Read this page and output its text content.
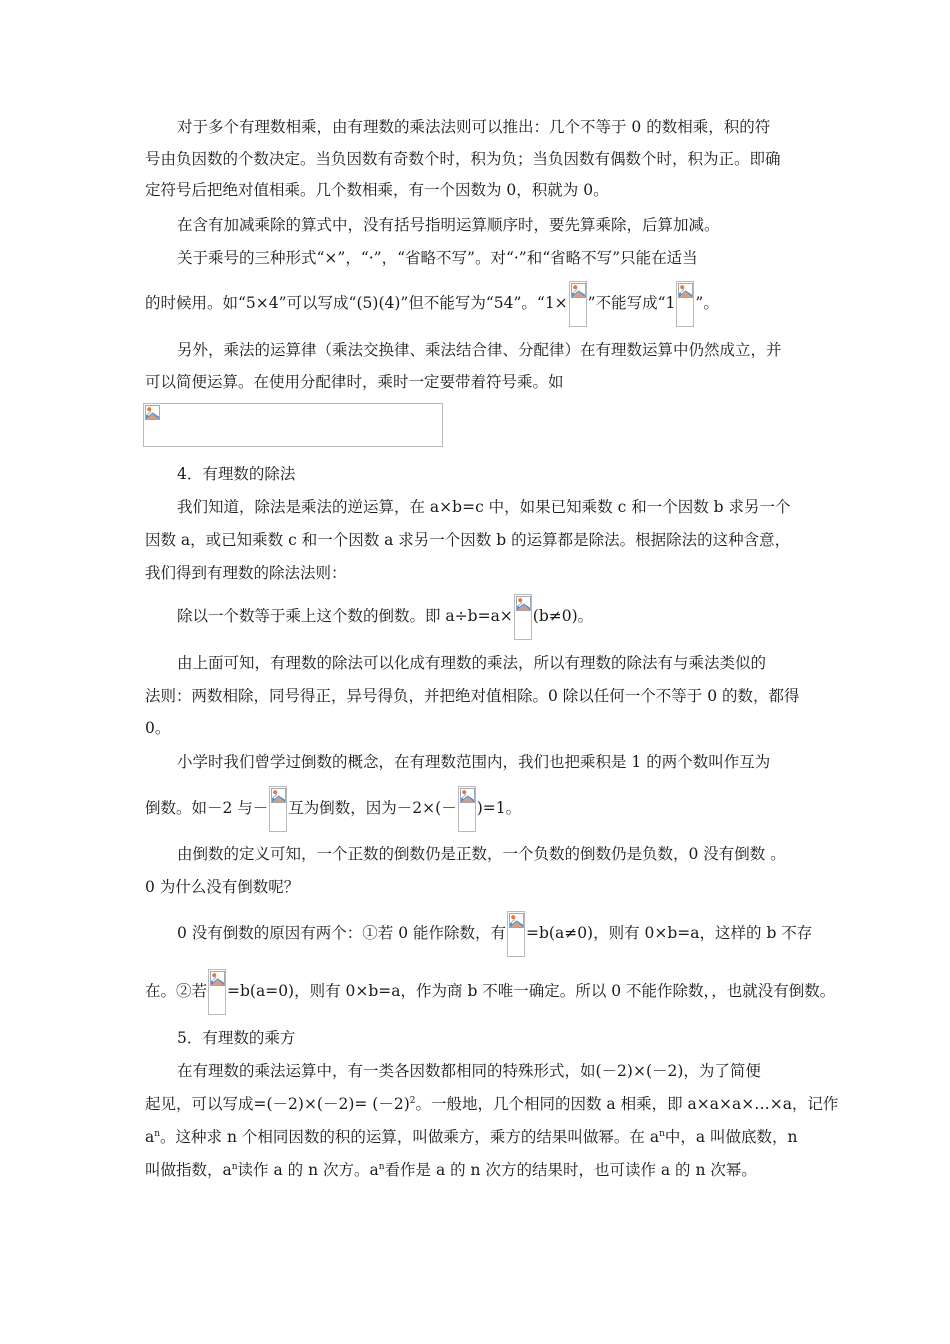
对于多个有理数相乘，由有理数的乘法法则可以推出：几个不等于 0 的数相乘，积的符
号由负因数的个数决定。当负因数有奇数个时，积为负；当负因数有偶数个时，积为正。即确
定符号后把绝对值相乘。几个数相乘，有一个因数为 0，积就为 0。
在含有加减乘除的算式中，没有括号指明运算顺序时，要先算乘除，后算加减。
关于乘号的三种形式“×”，“·”，“省略不写”。对“·”和“省略不写”只能在适当
的时候用。如“5×4”可以写成“(5)(4)”但不能写为“54”。“1× ”不能写成“1 ”。
另外，乘法的运算律（乘法交换律、乘法结合律、分配律）在有理数运算中仍然成立，并
可以简便运算。在使用分配律时，乘时一定要带着符号乘。如
4．有理数的除法
我们知道，除法是乘法的逆运算，在 a×b=c 中，如果已知乘数 c 和一个因数 b 求另一个
因数 a，或已知乘数 c 和一个因数 a 求另一个因数 b 的运算都是除法。根据除法的这种含意，
我们得到有理数的除法法则：
除以一个数等于乘上这个数的倒数。即 a÷b=a× (b≠0)。
由上面可知，有理数的除法可以化成有理数的乘法，所以有理数的除法有与乘法类似的
法则：两数相除，同号得正，异号得负，并把绝对值相除。0 除以任何一个不等于 0 的数，都得
0。
小学时我们曾学过倒数的概念，在有理数范围内，我们也把乘积是 1 的两个数叫作互为
倒数。如－2 与－ 互为倒数，因为－2×(－ )=1。
由倒数的定义可知，一个正数的倒数仍是正数，一个负数的倒数仍是负数，0 没有倒数 。
0 为什么没有倒数呢？
0 没有倒数的原因有两个：①若 0 能作除数，有 =b(a≠0)，则有 0×b=a，这样的 b 不存
在。②若 =b(a=0)，则有 0×b=a，作为商 b 不唯一确定。所以 0 不能作除数，，也就没有倒数。
5．有理数的乘方
在有理数的乘法运算中，有一类各因数都相同的特殊形式，如(－2)×(－2)，为了简便
起见，可以写成$=(-2)\times(-2)= (-2)^2$。一般地，几个相同的因数 a 相乘，即 a×a×a×…×a，记作
$a^n$。这种求 n 个相同因数的积的运算，叫做乘方，乘方的结果叫做幂。在 $a^n$中，a 叫做底数，n
叫做指数，$a^n$读作 a 的 n 次方。$a^n$看作是 a 的 n 次方的结果时，也可读作 a 的 n 次幂。
